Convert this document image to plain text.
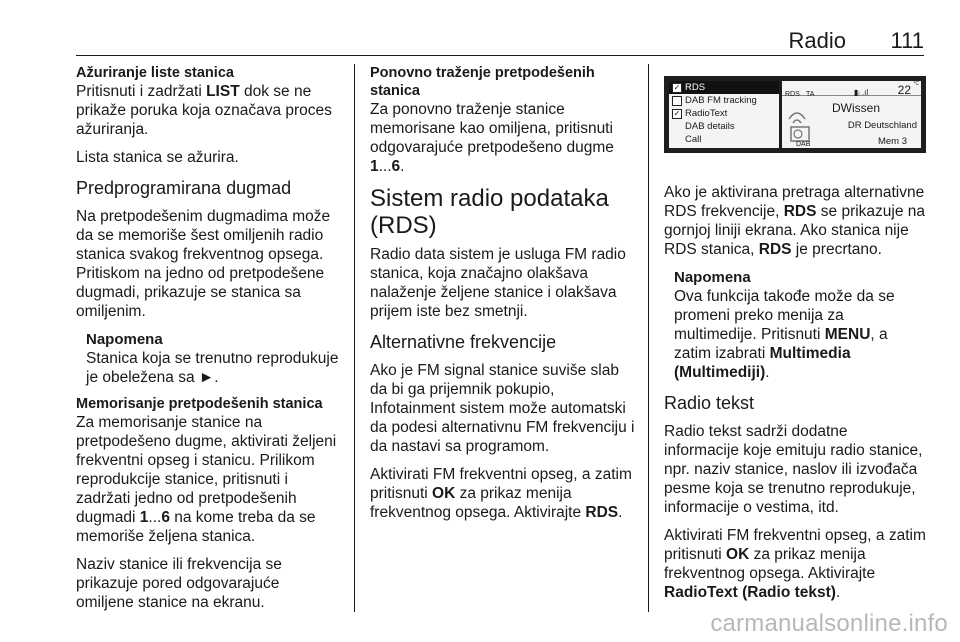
Radio 111
Ažuriranje liste stanica

Pritisnuti i zadržati LIST dok se ne prikaže poruka koja označava proces ažuriranja.

Lista stanica se ažurira.

Predprogramirana dugmad

Na pretpodešenim dugmadima može da se memoriše šest omiljenih radio stanica svakog frekventnog opsega. Pritiskom na jedno od pretpodešene dugmadi, prikazuje se stanica sa omiljenim.

Napomena
Stanica koja se trenutno reprodukuje je obeležena sa ►.
Memorisanje pretpodešenih stanica

Za memorisanje stanice na pretpodešeno dugme, aktivirati željeni frekventni opseg i stanicu. Prilikom reprodukcije stanice, pritisnuti i zadržati jedno od pretpodešenih dugmadi 1...6 na kome treba da se memoriše željena stanica.

Naziv stanice ili frekvencija se prikazuje pored odgovarajuće omiljene stanice na ekranu.

Ponovno traženje pretpodešenih stanica

Za ponovno traženje stanice memorisane kao omiljena, pritisnuti odgovarajuće pretpodešeno dugme 1...6.

Sistem radio podataka (RDS)

Radio data sistem je usluga FM radio stanica, koja značajno olakšava nalaženje željene stanice i olakšava prijem iste bez smetnji.

Alternativne frekvencije

Ako je FM signal stanice suviše slab da bi ga prijemnik pokupio, Infotainment sistem može automatski da podesi alternativnu FM frekvenciju i da nastavi sa programom.

Aktivirati FM frekventni opseg, a zatim pritisnuti OK za prikaz menija frekventnog opsega. Aktivirajte RDS.

✓ RDS
DAB FM tracking
✓ RadioText
DAB details
Call
RDS TA	▮ᵢ .ıl 22 °C
DAB
DWissen
DR Deutschland
Mem 3

Ako je aktivirana pretraga alternativne RDS frekvencije, RDS se prikazuje na gornjoj liniji ekrana. Ako stanica nije RDS stanica, RDS je precrtano.

Napomena
Ova funkcija takođe može da se promeni preko menija za multimedije. Pritisnuti MENU, a zatim izabrati Multimedia (Multimediji).
Radio tekst

Radio tekst sadrži dodatne informacije koje emituju radio stanice, npr. naziv stanice, naslov ili izvođača pesme koja se trenutno reprodukuje, informacije o vestima, itd.

Aktivirati FM frekventni opseg, a zatim pritisnuti OK za prikaz menija frekventnog opsega. Aktivirajte RadioText (Radio tekst).

carmanualsonline.info
